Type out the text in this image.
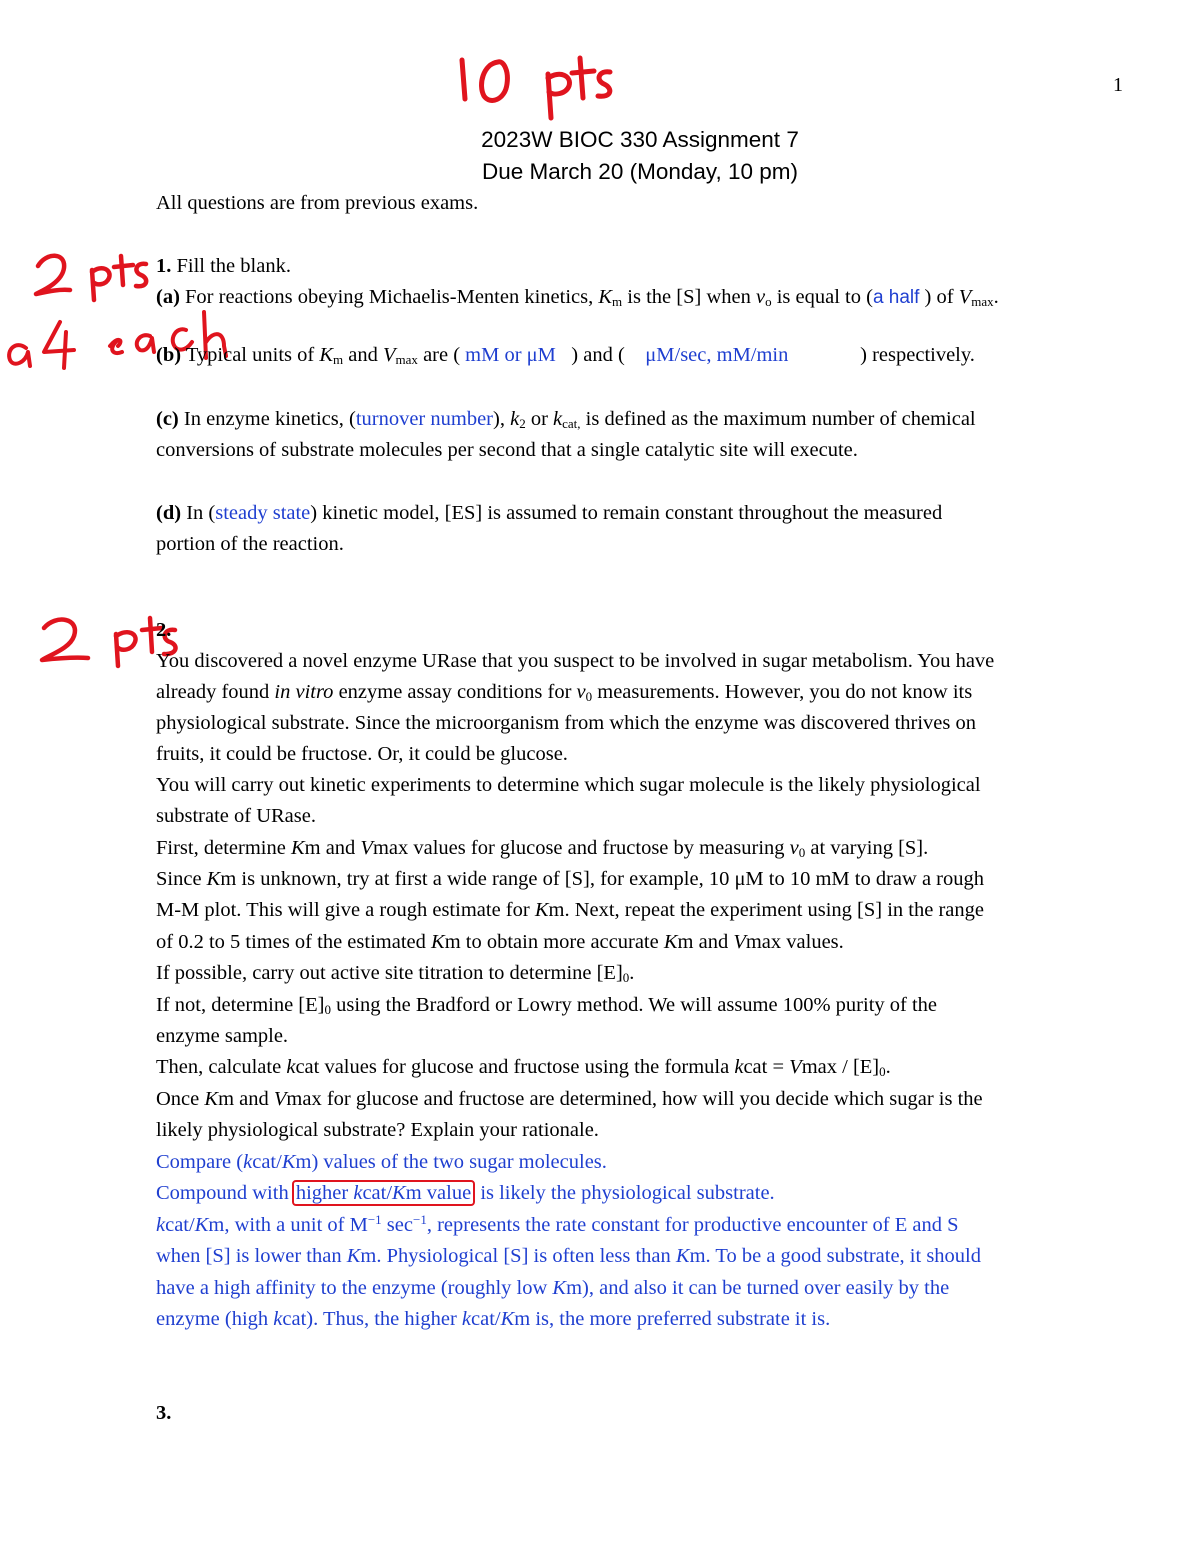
1
2023W BIOC 330 Assignment 7
Due March 20 (Monday, 10 pm)
All questions are from previous exams.
1. Fill the blank.
(a) For reactions obeying Michaelis-Menten kinetics, $K_m$ is the [S] when $v_o$ is equal to (a half ) of $V_{max}$.
(b) Typical units of $K_m$ and $V_{max}$ are ( mM or μM   ) and (    μM/sec, mM/min              ) respectively.
(c) In enzyme kinetics, (turnover number), $k_2$ or $k_{cat,}$ is defined as the maximum number of chemical
conversions of substrate molecules per second that a single catalytic site will execute.
(d) In (steady state) kinetic model, [ES] is assumed to remain constant throughout the measured
portion of the reaction.
2.
You discovered a novel enzyme URase that you suspect to be involved in sugar metabolism. You have
already found in vitro enzyme assay conditions for $v_0$ measurements. However, you do not know its
physiological substrate. Since the microorganism from which the enzyme was discovered thrives on
fruits, it could be fructose. Or, it could be glucose.
You will carry out kinetic experiments to determine which sugar molecule is the likely physiological
substrate of URase.
First, determine Km and Vmax values for glucose and fructose by measuring $v_0$ at varying [S].
Since Km is unknown, try at first a wide range of [S], for example, 10 μM to 10 mM to draw a rough
M-M plot. This will give a rough estimate for Km. Next, repeat the experiment using [S] in the range
of 0.2 to 5 times of the estimated Km to obtain more accurate Km and Vmax values.
If possible, carry out active site titration to determine $[E]_0$.
If not, determine $[E]_0$ using the Bradford or Lowry method. We will assume 100% purity of the
enzyme sample.
Then, calculate kcat values for glucose and fructose using the formula kcat = Vmax / $[E]_0$.
Once Km and Vmax for glucose and fructose are determined, how will you decide which sugar is the
likely physiological substrate? Explain your rationale.
Compare (kcat/Km) values of the two sugar molecules.
Compound with higher kcat/Km value is likely the physiological substrate.
kcat/Km, with a unit of $M^{-1}$ $\sec^{-1}$, represents the rate constant for productive encounter of E and S
when [S] is lower than Km. Physiological [S] is often less than Km. To be a good substrate, it should
have a high affinity to the enzyme (roughly low Km), and also it can be turned over easily by the
enzyme (high kcat). Thus, the higher kcat/Km is, the more preferred substrate it is.
3.
